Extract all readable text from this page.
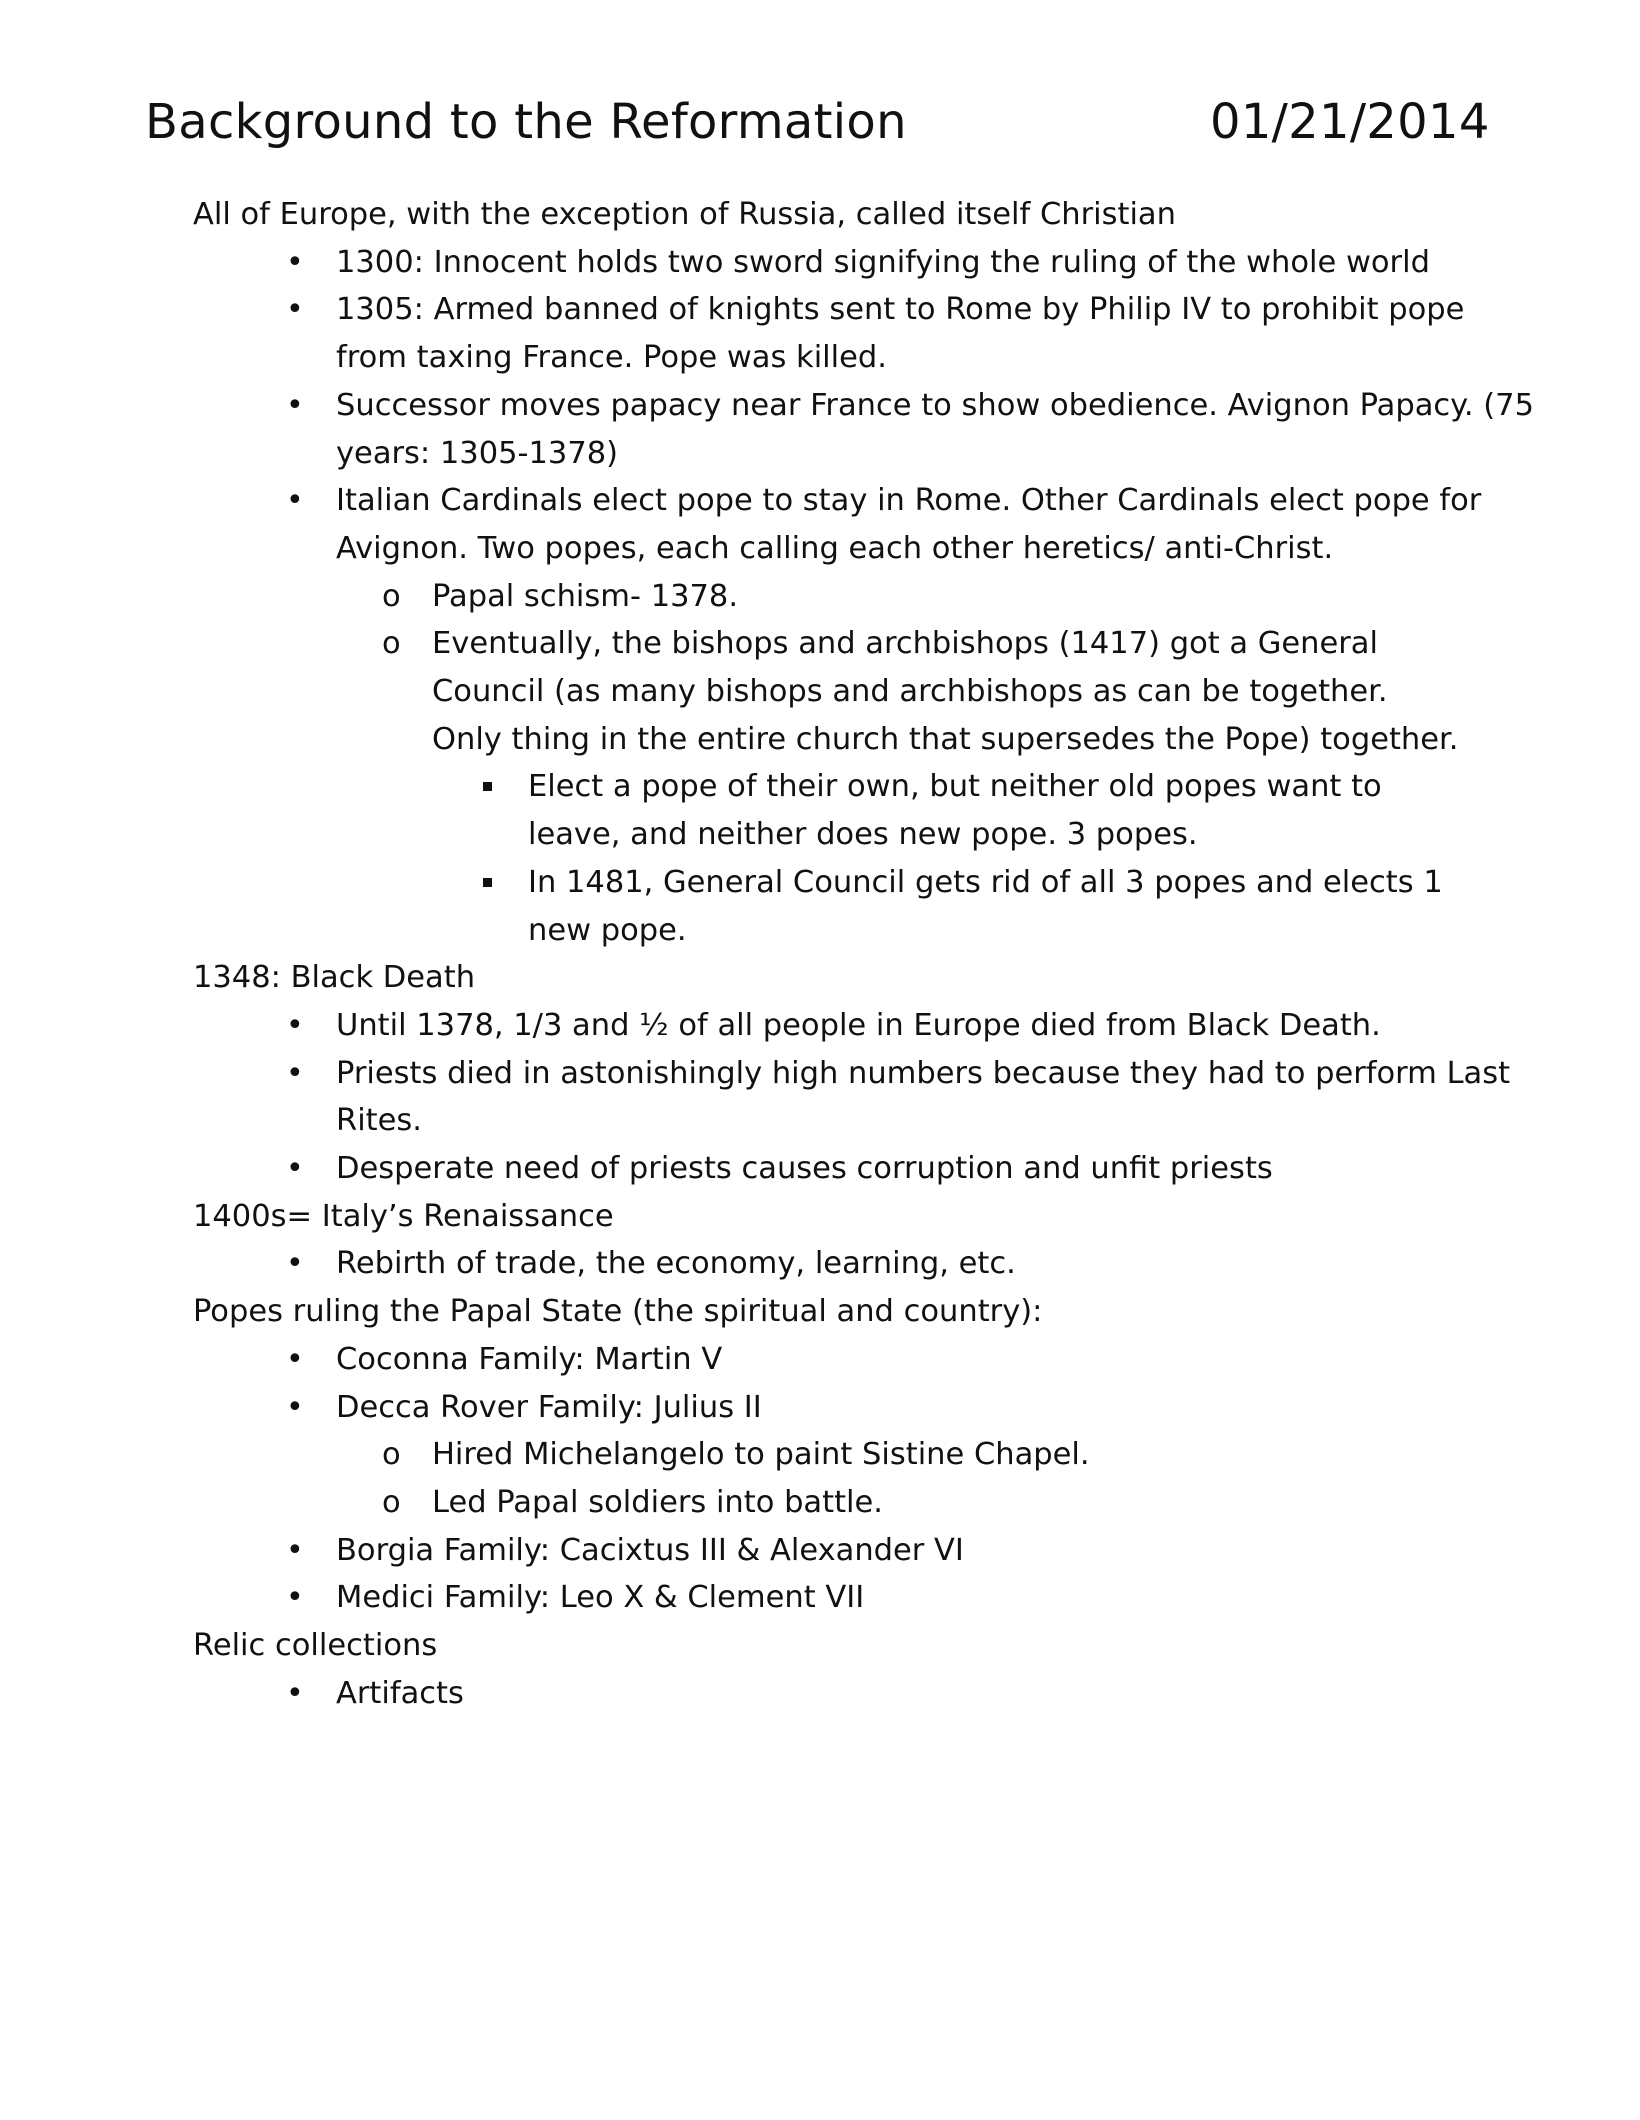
Background to the Reformation	01/21/2014
All of Europe, with the exception of Russia, called itself Christian
• 1300: Innocent holds two sword signifying the ruling of the whole world
• 1305: Armed banned of knights sent to Rome by Philip IV to prohibit pope from taxing France. Pope was killed.
• Successor moves papacy near France to show obedience. Avignon Papacy. (75 years: 1305-1378)
• Italian Cardinals elect pope to stay in Rome. Other Cardinals elect pope for Avignon. Two popes, each calling each other heretics/ anti-Christ.
o Papal schism- 1378.
o Eventually, the bishops and archbishops (1417) got a General Council (as many bishops and archbishops as can be together. Only thing in the entire church that supersedes the Pope) together.
Elect a pope of their own, but neither old popes want to leave, and neither does new pope. 3 popes.
In 1481, General Council gets rid of all 3 popes and elects 1 new pope.
1348: Black Death
• Until 1378, 1/3 and ½ of all people in Europe died from Black Death.
• Priests died in astonishingly high numbers because they had to perform Last Rites.
• Desperate need of priests causes corruption and unfit priests
1400s= Italy’s Renaissance
• Rebirth of trade, the economy, learning, etc.
Popes ruling the Papal State (the spiritual and country):
• Coconna Family: Martin V
• Decca Rover Family: Julius II
o Hired Michelangelo to paint Sistine Chapel.
o Led Papal soldiers into battle.
• Borgia Family: Cacixtus III & Alexander VI
• Medici Family: Leo X & Clement VII
Relic collections
• Artifacts
